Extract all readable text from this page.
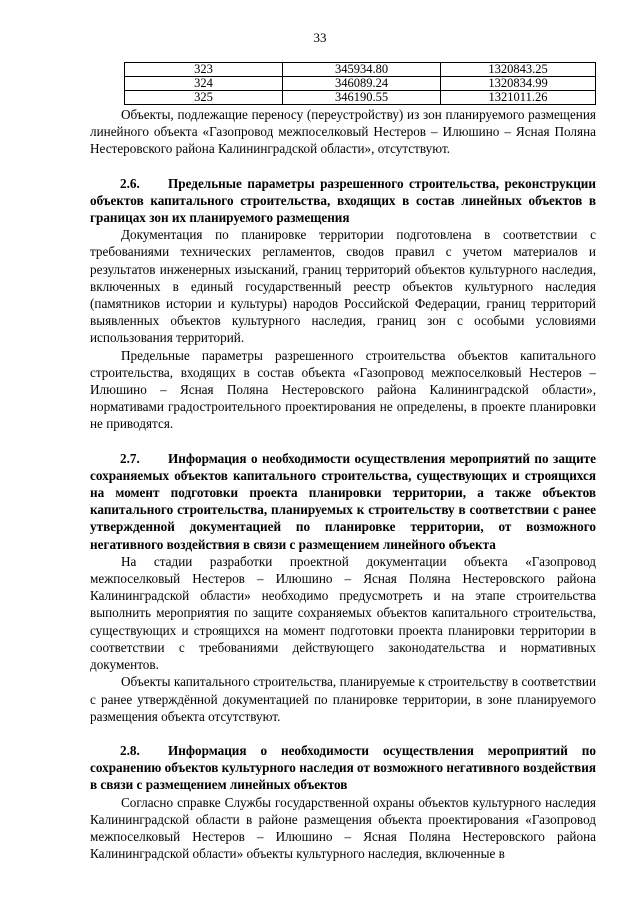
33
323	345934.80	1320843.25
324	346089.24	1320834.99
325	346190.55	1321011.26

Объекты, подлежащие переносу (переустройству) из зон планируемого размещения линейного объекта «Газопровод межпоселковый Нестеров – Илюшино – Ясная Поляна Нестеровского района Калининградской области», отсутствуют.

2.6. Предельные параметры разрешенного строительства, реконструкции объектов капитального строительства, входящих в состав линейных объектов в границах зон их планируемого размещения

Документация по планировке территории подготовлена в соответствии с требованиями технических регламентов, сводов правил с учетом материалов и результатов инженерных изысканий, границ территорий объектов культурного наследия, включенных в единый государственный реестр объектов культурного наследия (памятников истории и культуры) народов Российской Федерации, границ территорий выявленных объектов культурного наследия, границ зон с особыми условиями использования территорий.

Предельные параметры разрешенного строительства объектов капитального строительства, входящих в состав объекта «Газопровод межпоселковый Нестеров – Илюшино – Ясная Поляна Нестеровского района Калининградской области», нормативами градостроительного проектирования не определены, в проекте планировки не приводятся.

2.7. Информация о необходимости осуществления мероприятий по защите сохраняемых объектов капитального строительства, существующих и строящихся на момент подготовки проекта планировки территории, а также объектов капитального строительства, планируемых к строительству в соответствии с ранее утвержденной документацией по планировке территории, от возможного негативного воздействия в связи с размещением линейного объекта

На стадии разработки проектной документации объекта «Газопровод межпоселковый Нестеров – Илюшино – Ясная Поляна Нестеровского района Калининградской области» необходимо предусмотреть и на этапе строительства выполнить мероприятия по защите сохраняемых объектов капитального строительства, существующих и строящихся на момент подготовки проекта планировки территории в соответствии с требованиями действующего законодательства и нормативных документов.

Объекты капитального строительства, планируемые к строительству в соответствии с ранее утверждённой документацией по планировке территории, в зоне планируемого размещения объекта отсутствуют.

2.8. Информация о необходимости осуществления мероприятий по сохранению объектов культурного наследия от возможного негативного воздействия в связи с размещением линейных объектов

Согласно справке Службы государственной охраны объектов культурного наследия Калининградской области в районе размещения объекта проектирования «Газопровод межпоселковый Нестеров – Илюшино – Ясная Поляна Нестеровского района Калининградской области» объекты культурного наследия, включенные в
